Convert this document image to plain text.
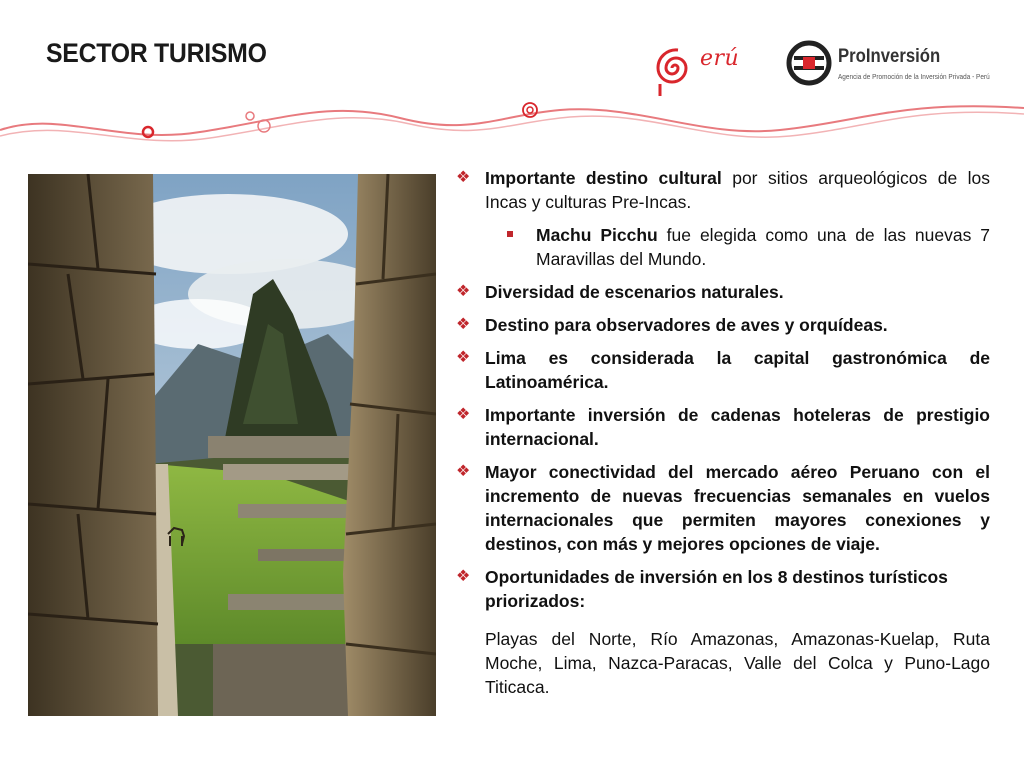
SECTOR TURISMO	erú	ProInversión
Agencia de Promoción de la Inversión Privada - Perú
❖ Importante destino cultural por sitios arqueológicos de los Incas y culturas Pre-Incas.
Machu Picchu fue elegida como una de las nuevas 7 Maravillas del Mundo.
❖ Diversidad de escenarios naturales.
❖ Destino para observadores de aves y orquídeas.
❖ Lima es considerada la capital gastronómica de Latinoamérica.
❖ Importante inversión de cadenas hoteleras de prestigio internacional.
❖ Mayor conectividad del mercado aéreo Peruano con el incremento de nuevas frecuencias semanales en vuelos internacionales que permiten mayores conexiones y destinos, con más y mejores opciones de viaje.
❖ Oportunidades de inversión en los 8 destinos turísticos priorizados:
Playas del Norte, Río Amazonas, Amazonas-Kuelap, Ruta Moche, Lima, Nazca-Paracas, Valle del Colca y Puno-Lago Titicaca.
